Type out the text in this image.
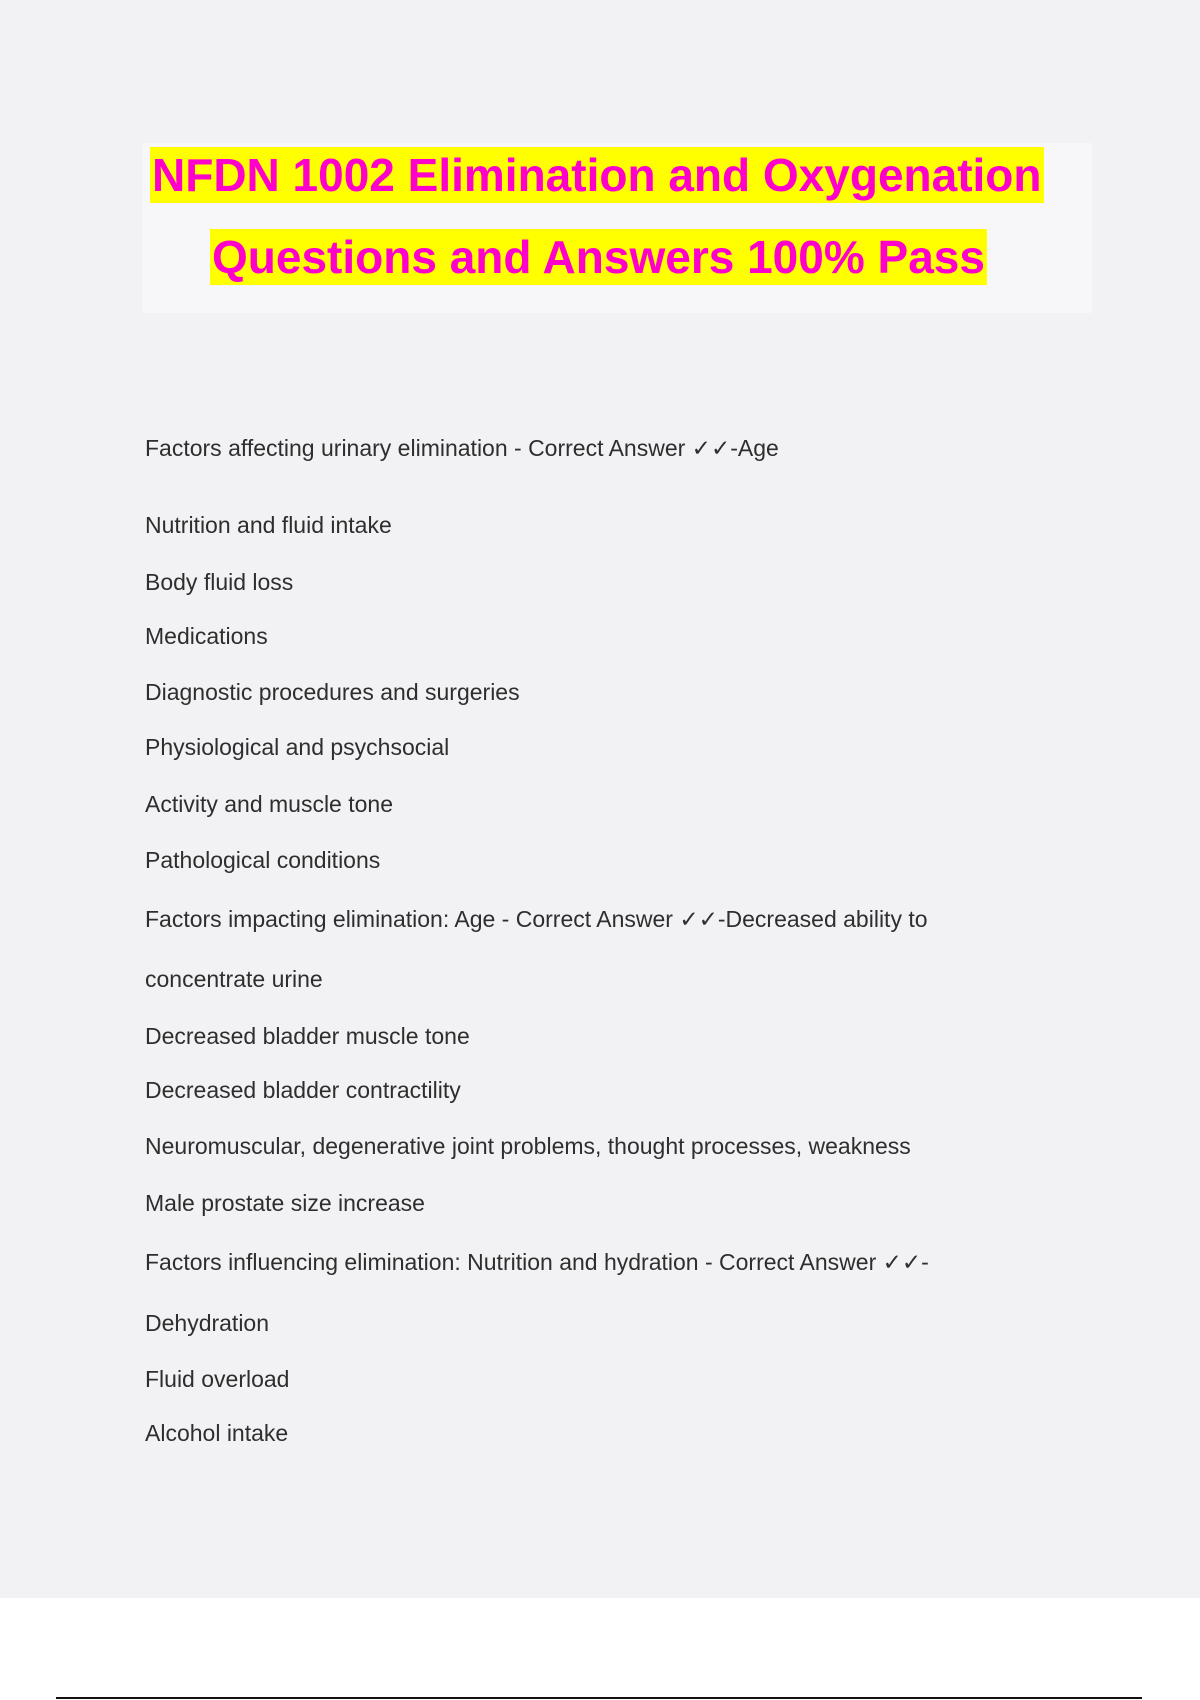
NFDN 1002 Elimination and Oxygenation
Questions and Answers 100% Pass
Factors affecting urinary elimination - Correct Answer ✓✓-Age
Nutrition and fluid intake
Body fluid loss
Medications
Diagnostic procedures and surgeries
Physiological and psychsocial
Activity and muscle tone
Pathological conditions
Factors impacting elimination: Age - Correct Answer ✓✓-Decreased ability to
concentrate urine
Decreased bladder muscle tone
Decreased bladder contractility
Neuromuscular, degenerative joint problems, thought processes, weakness
Male prostate size increase
Factors influencing elimination: Nutrition and hydration - Correct Answer ✓✓-
Dehydration
Fluid overload
Alcohol intake
